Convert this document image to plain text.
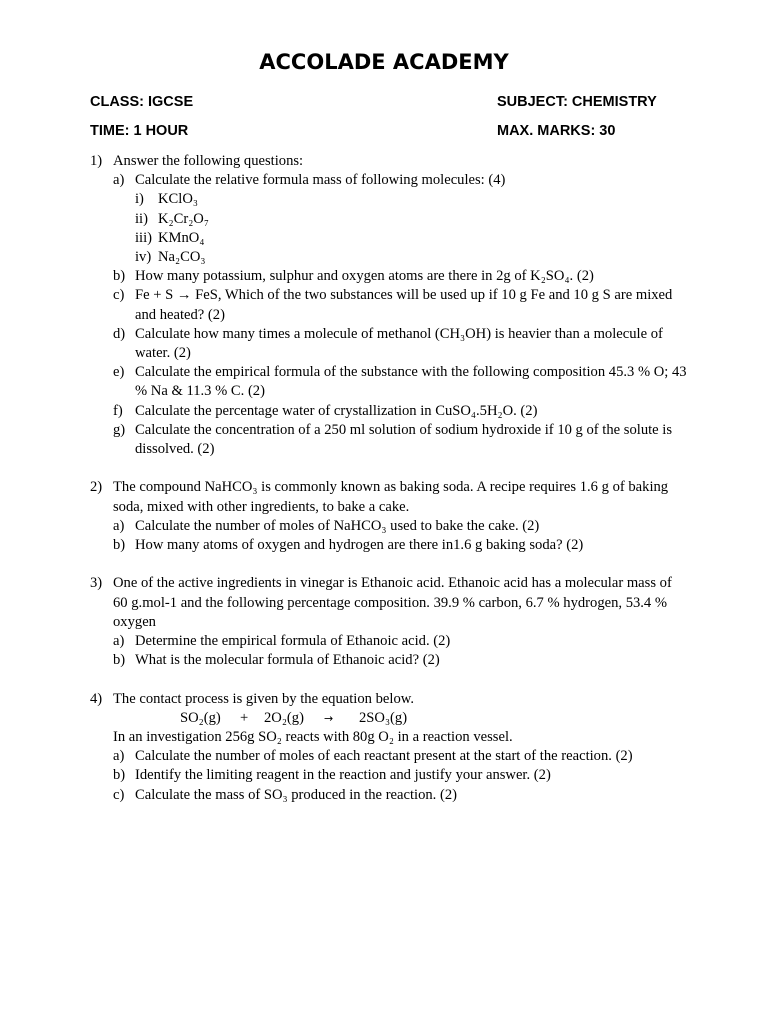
ACCOLADE ACADEMY
CLASS: IGCSE	SUBJECT: CHEMISTRY
TIME: 1 HOUR	MAX. MARKS: 30
1) Answer the following questions:
a) Calculate the relative formula mass of following molecules: (4)
i) KClO₃
ii) K₂Cr₂O₇
iii) KMnO₄
iv) Na₂CO₃
b) How many potassium, sulphur and oxygen atoms are there in 2g of K₂SO₄. (2)
c) Fe + S → FeS, Which of the two substances will be used up if 10 g Fe and 10 g S are mixed and heated? (2)
d) Calculate how many times a molecule of methanol (CH₃OH) is heavier than a molecule of water. (2)
e) Calculate the empirical formula of the substance with the following composition 45.3 % O; 43 % Na & 11.3 % C. (2)
f) Calculate the percentage water of crystallization in CuSO₄.5H₂O. (2)
g) Calculate the concentration of a 250 ml solution of sodium hydroxide if 10 g of the solute is dissolved. (2)
2) The compound NaHCO₃ is commonly known as baking soda. A recipe requires 1.6 g of baking soda, mixed with other ingredients, to bake a cake.
a) Calculate the number of moles of NaHCO₃ used to bake the cake. (2)
b) How many atoms of oxygen and hydrogen are there in1.6 g baking soda? (2)
3) One of the active ingredients in vinegar is Ethanoic acid. Ethanoic acid has a molecular mass of 60 g.mol-1 and the following percentage composition. 39.9 % carbon, 6.7 % hydrogen, 53.4 % oxygen
a) Determine the empirical formula of Ethanoic acid. (2)
b) What is the molecular formula of Ethanoic acid? (2)
4) The contact process is given by the equation below.
SO₂(g) + 2O₂(g) → 2SO₃(g)
In an investigation 256g SO₂ reacts with 80g O₂ in a reaction vessel.
a) Calculate the number of moles of each reactant present at the start of the reaction. (2)
b) Identify the limiting reagent in the reaction and justify your answer. (2)
c) Calculate the mass of SO₃ produced in the reaction. (2)
